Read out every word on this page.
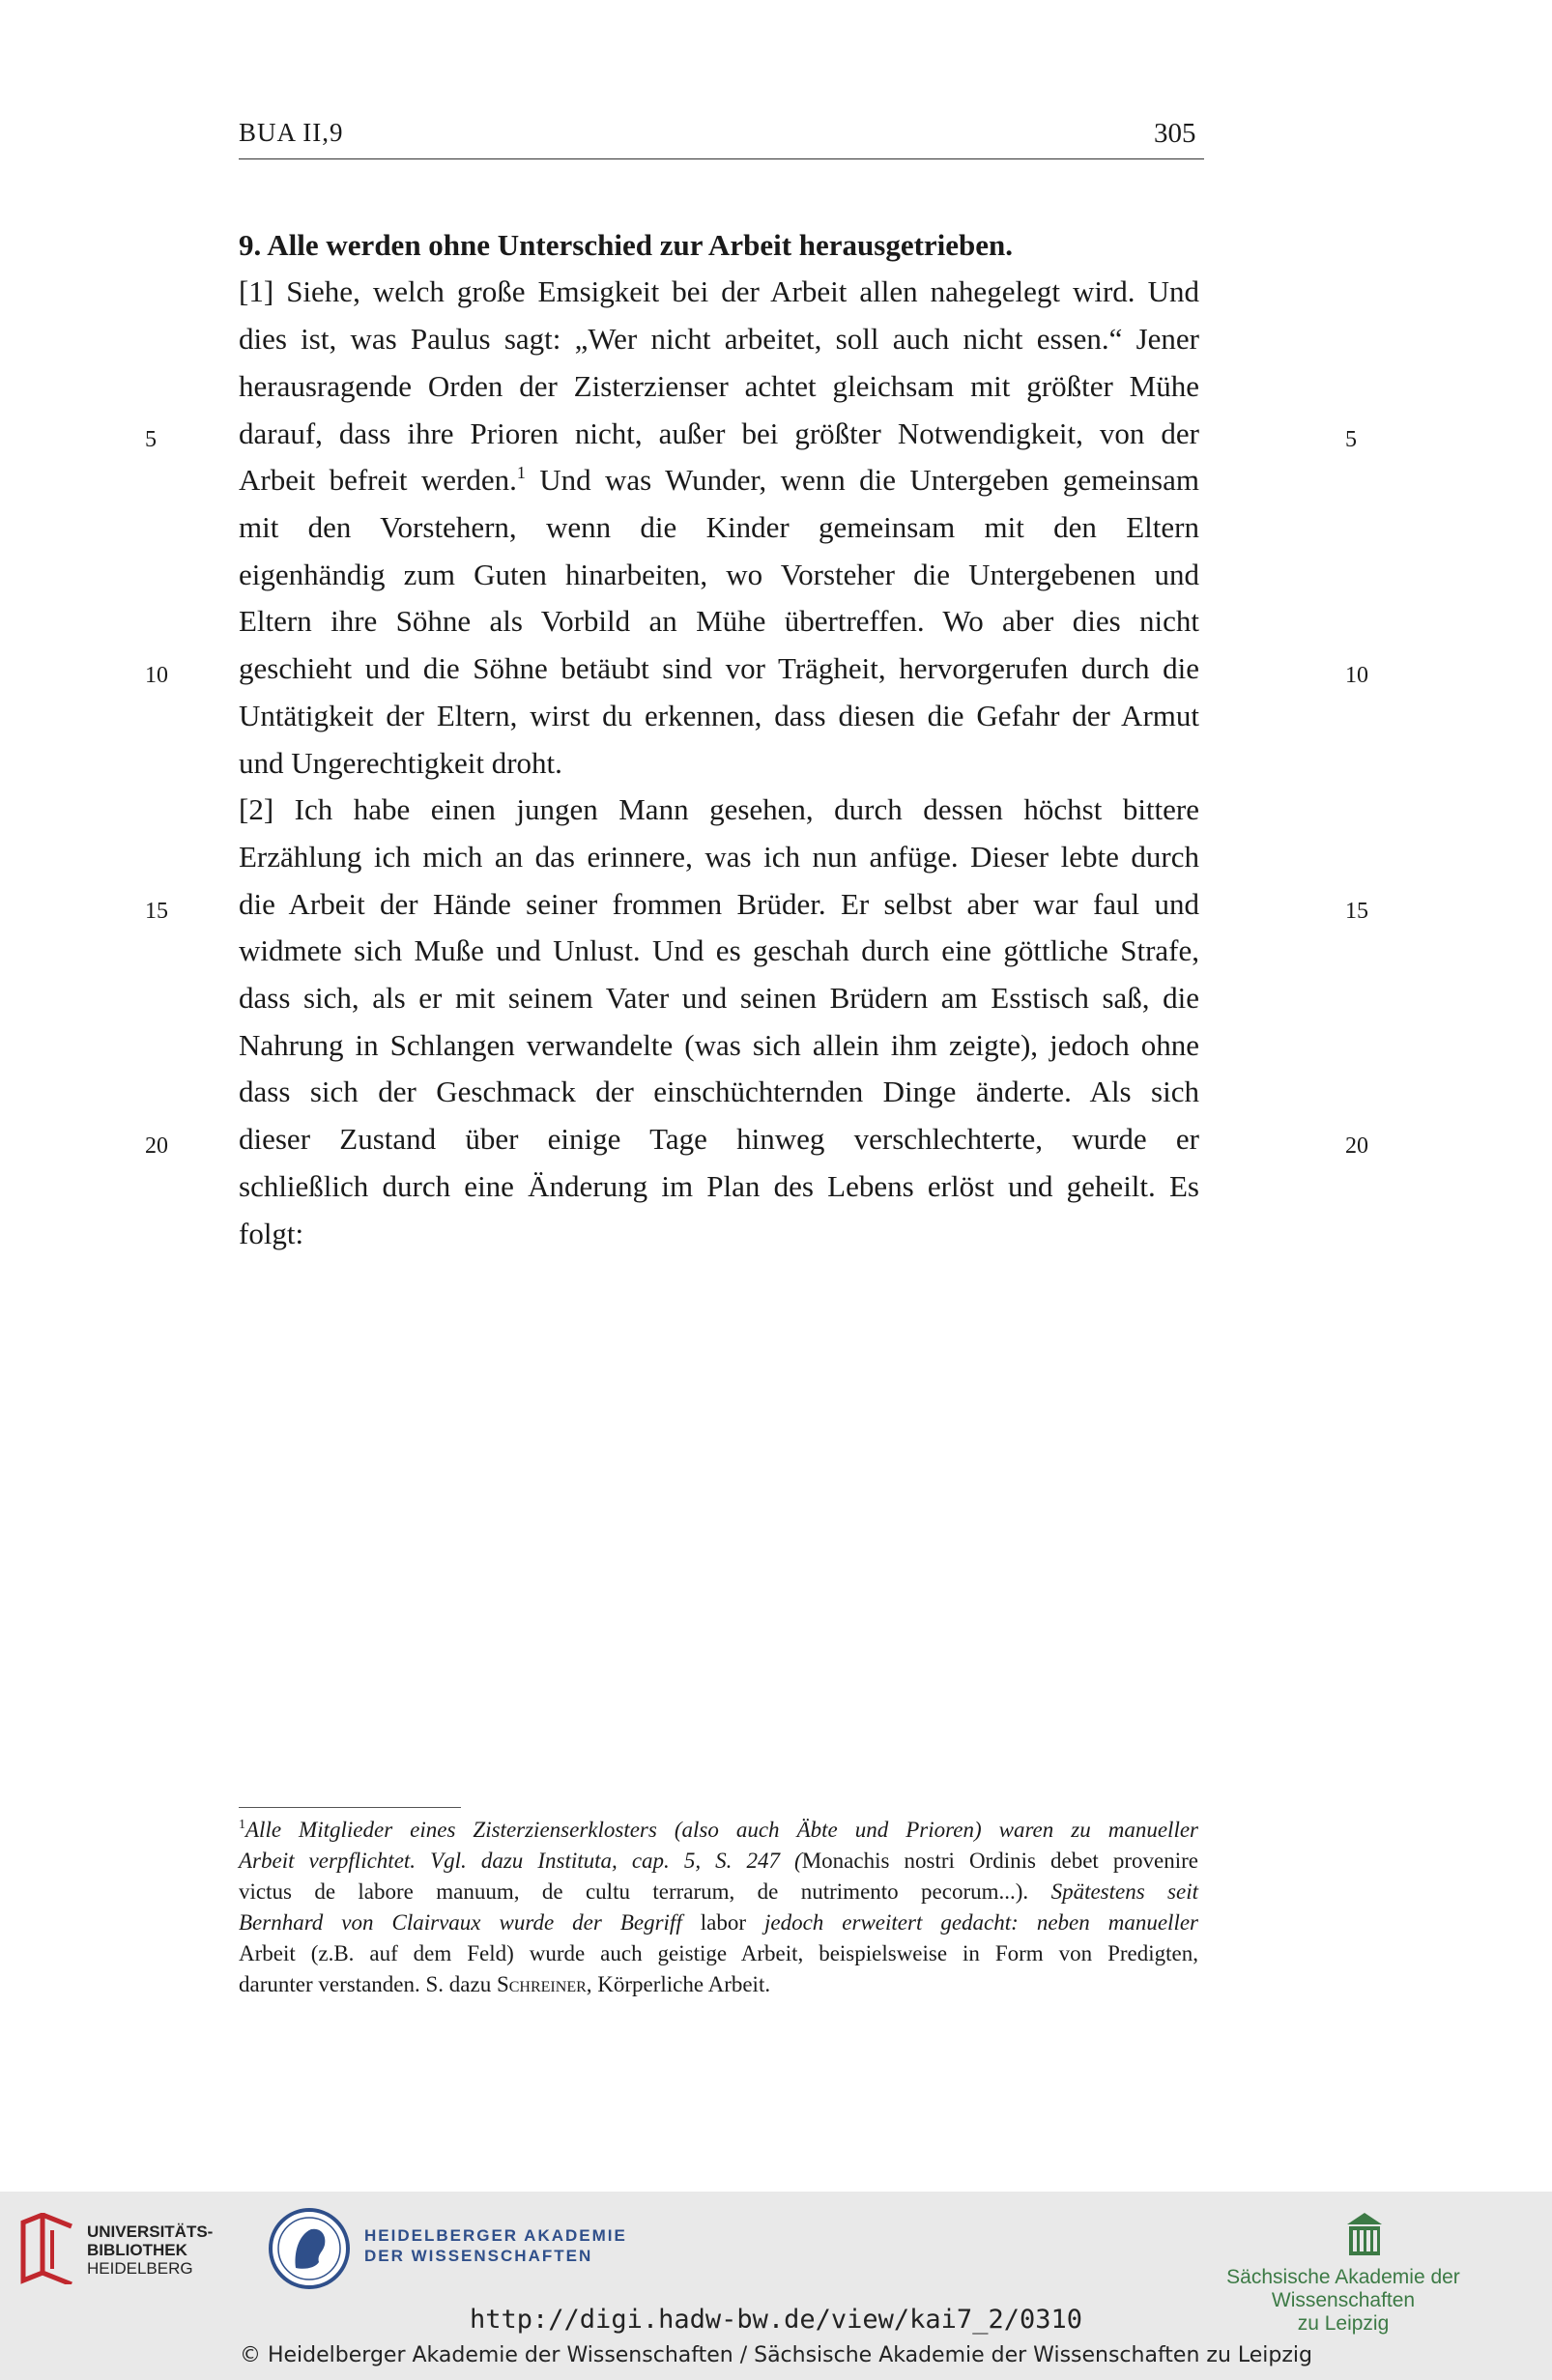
BUA II,9	305
9. Alle werden ohne Unterschied zur Arbeit herausgetrieben.
[1] Siehe, welch große Emsigkeit bei der Arbeit allen nahegelegt wird. Und
dies ist, was Paulus sagt: „Wer nicht arbeitet, soll auch nicht essen.“ Jener
herausragende Orden der Zisterzienser achtet gleichsam mit größter Mühe
darauf, dass ihre Prioren nicht, außer bei größter Notwendigkeit, von der
Arbeit befreit werden.$^1$ Und was Wunder, wenn die Untergeben gemeinsam
mit den Vorstehern, wenn die Kinder gemeinsam mit den Eltern
eigenhändig zum Guten hinarbeiten, wo Vorsteher die Untergebenen und
Eltern ihre Söhne als Vorbild an Mühe übertreffen. Wo aber dies nicht
geschieht und die Söhne betäubt sind vor Trägheit, hervorgerufen durch die
Untätigkeit der Eltern, wirst du erkennen, dass diesen die Gefahr der Armut
und Ungerechtigkeit droht.
[2] Ich habe einen jungen Mann gesehen, durch dessen höchst bittere
Erzählung ich mich an das erinnere, was ich nun anfüge. Dieser lebte durch
die Arbeit der Hände seiner frommen Brüder. Er selbst aber war faul und
widmete sich Muße und Unlust. Und es geschah durch eine göttliche Strafe,
dass sich, als er mit seinem Vater und seinen Brüdern am Esstisch saß, die
Nahrung in Schlangen verwandelte (was sich allein ihm zeigte), jedoch ohne
dass sich der Geschmack der einschüchternden Dinge änderte. Als sich
dieser Zustand über einige Tage hinweg verschlechterte, wurde er
schließlich durch eine Änderung im Plan des Lebens erlöst und geheilt. Es
folgt:
5	5
10	10
15	15
20	20
$^1$Alle Mitglieder eines Zisterzienserklosters (also auch Äbte und Prioren) waren zu manueller
Arbeit verpflichtet. Vgl. dazu Instituta, cap. 5, S. 247 (Monachis nostri Ordinis debet provenire
victus de labore manuum, de cultu terrarum, de nutrimento pecorum...). Spätestens seit
Bernhard von Clairvaux wurde der Begriff labor jedoch erweitert gedacht: neben manueller
Arbeit (z.B. auf dem Feld) wurde auch geistige Arbeit, beispielsweise in Form von Predigten,
darunter verstanden. S. dazu Schreiner, Körperliche Arbeit.
UNIVERSITÄTS-
BIBLIOTHEK
HEIDELBERG
HEIDELBERGER AKADEMIE
DER WISSENSCHAFTEN
Sächsische Akademie der Wissenschaften
zu Leipzig
http://digi.hadw-bw.de/view/kai7_2/0310
© Heidelberger Akademie der Wissenschaften / Sächsische Akademie der Wissenschaften zu Leipzig
